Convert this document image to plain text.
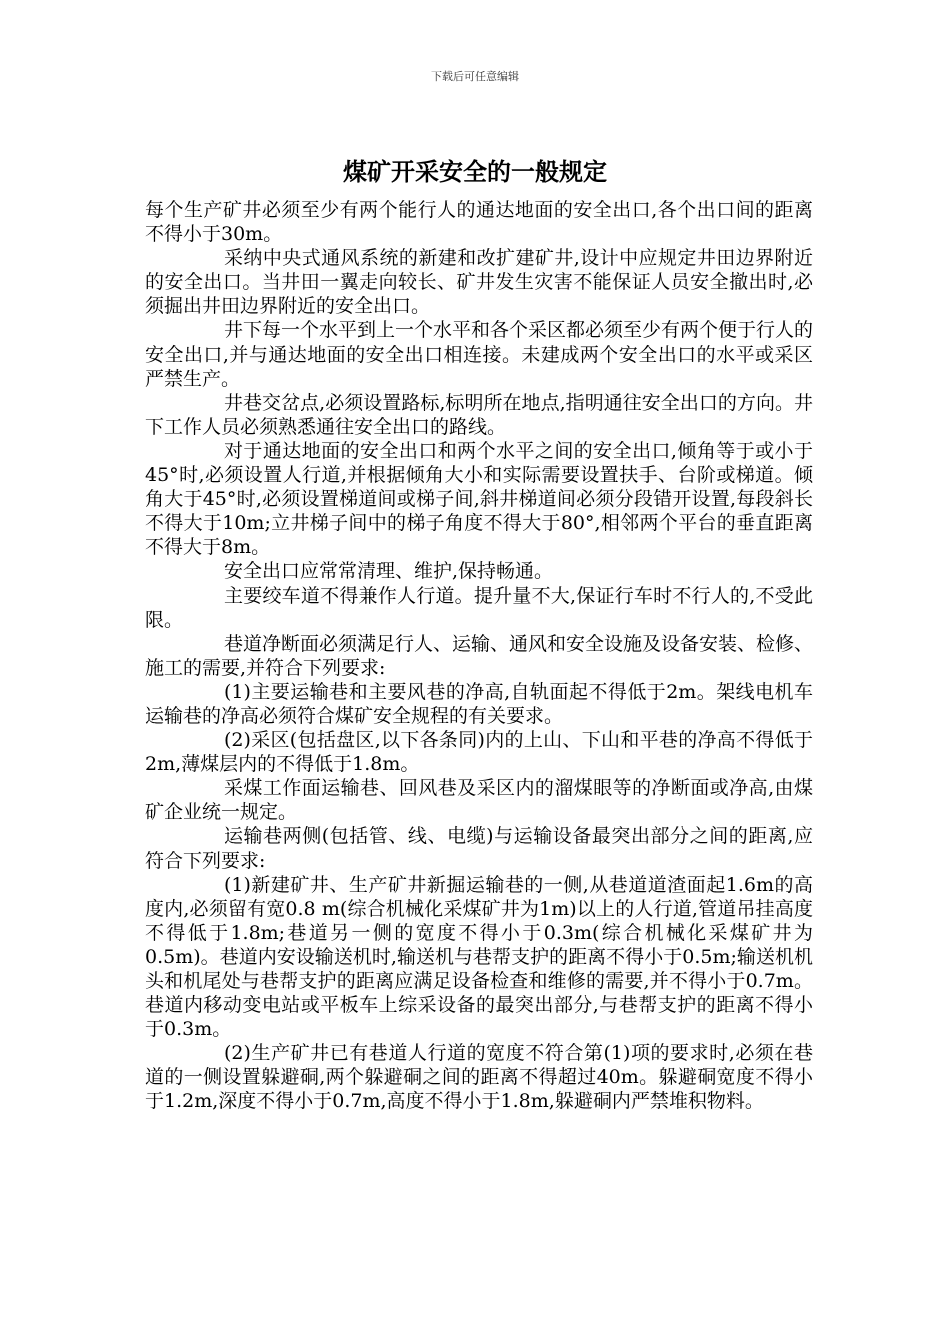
下载后可任意编辑
煤矿开采安全的一般规定

每个生产矿井必须至少有两个能行人的通达地面的安全出口,各个出口间的距离不得小于30m。

采纳中央式通风系统的新建和改扩建矿井,设计中应规定井田边界附近的安全出口。当井田一翼走向较长、矿井发生灾害不能保证人员安全撤出时,必须掘出井田边界附近的安全出口。

井下每一个水平到上一个水平和各个采区都必须至少有两个便于行人的安全出口,并与通达地面的安全出口相连接。未建成两个安全出口的水平或采区严禁生产。

井巷交岔点,必须设置路标,标明所在地点,指明通往安全出口的方向。井下工作人员必须熟悉通往安全出口的路线。

对于通达地面的安全出口和两个水平之间的安全出口,倾角等于或小于45°时,必须设置人行道,并根据倾角大小和实际需要设置扶手、台阶或梯道。倾角大于45°时,必须设置梯道间或梯子间,斜井梯道间必须分段错开设置,每段斜长不得大于10m;立井梯子间中的梯子角度不得大于80°,相邻两个平台的垂直距离不得大于8m。

安全出口应常常清理、维护,保持畅通。

主要绞车道不得兼作人行道。提升量不大,保证行车时不行人的,不受此限。

巷道净断面必须满足行人、运输、通风和安全设施及设备安装、检修、施工的需要,并符合下列要求:

(1)主要运输巷和主要风巷的净高,自轨面起不得低于2m。架线电机车运输巷的净高必须符合煤矿安全规程的有关要求。

(2)采区(包括盘区,以下各条同)内的上山、下山和平巷的净高不得低于2m,薄煤层内的不得低于1.8m。

采煤工作面运输巷、回风巷及采区内的溜煤眼等的净断面或净高,由煤矿企业统一规定。

运输巷两侧(包括管、线、电缆)与运输设备最突出部分之间的距离,应符合下列要求:

(1)新建矿井、生产矿井新掘运输巷的一侧,从巷道道渣面起1.6m的高度内,必须留有宽0.8 m(综合机械化采煤矿井为1m)以上的人行道,管道吊挂高度不得低于1.8m;巷道另一侧的宽度不得小于0.3m(综合机械化采煤矿井为0.5m)。巷道内安设输送机时,输送机与巷帮支护的距离不得小于0.5m;输送机机头和机尾处与巷帮支护的距离应满足设备检查和维修的需要,并不得小于0.7m。巷道内移动变电站或平板车上综采设备的最突出部分,与巷帮支护的距离不得小于0.3m。

(2)生产矿井已有巷道人行道的宽度不符合第(1)项的要求时,必须在巷道的一侧设置躲避硐,两个躲避硐之间的距离不得超过40m。躲避硐宽度不得小于1.2m,深度不得小于0.7m,高度不得小于1.8m,躲避硐内严禁堆积物料。
